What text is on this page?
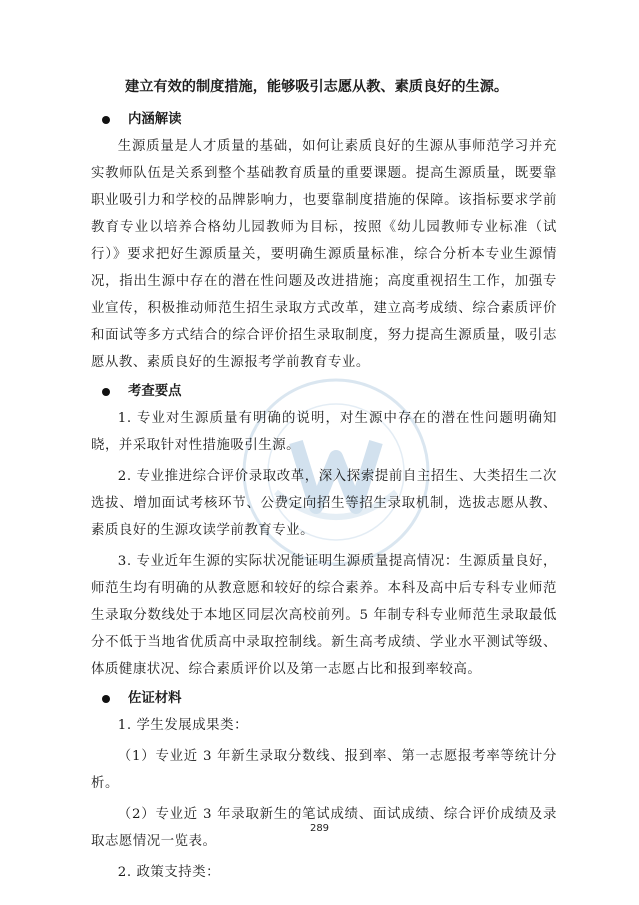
建立有效的制度措施，能够吸引志愿从教、素质良好的生源。

内涵解读

生源质量是人才质量的基础，如何让素质良好的生源从事师范学习并充实教师队伍是关系到整个基础教育质量的重要课题。提高生源质量，既要靠职业吸引力和学校的品牌影响力，也要靠制度措施的保障。该指标要求学前教育专业以培养合格幼儿园教师为目标，按照《幼儿园教师专业标准（试行）》要求把好生源质量关，要明确生源质量标准，综合分析本专业生源情况，指出生源中存在的潜在性问题及改进措施；高度重视招生工作，加强专业宣传，积极推动师范生招生录取方式改革，建立高考成绩、综合素质评价和面试等多方式结合的综合评价招生录取制度，努力提高生源质量，吸引志愿从教、素质良好的生源报考学前教育专业。

考查要点

1. 专业对生源质量有明确的说明，对生源中存在的潜在性问题明确知晓，并采取针对性措施吸引生源。

2. 专业推进综合评价录取改革，深入探索提前自主招生、大类招生二次选拔、增加面试考核环节、公费定向招生等招生录取机制，选拔志愿从教、素质良好的生源攻读学前教育专业。

3. 专业近年生源的实际状况能证明生源质量提高情况：生源质量良好，师范生均有明确的从教意愿和较好的综合素养。本科及高中后专科专业师范生录取分数线处于本地区同层次高校前列。5 年制专科专业师范生录取最低分不低于当地省优质高中录取控制线。新生高考成绩、学业水平测试等级、体质健康状况、综合素质评价以及第一志愿占比和报到率较高。

佐证材料

1. 学生发展成果类：

（1）专业近 3 年新生录取分数线、报到率、第一志愿报考率等统计分析。

（2）专业近 3 年录取新生的笔试成绩、面试成绩、综合评价成绩及录取志愿情况一览表。

2. 政策支持类：

289
